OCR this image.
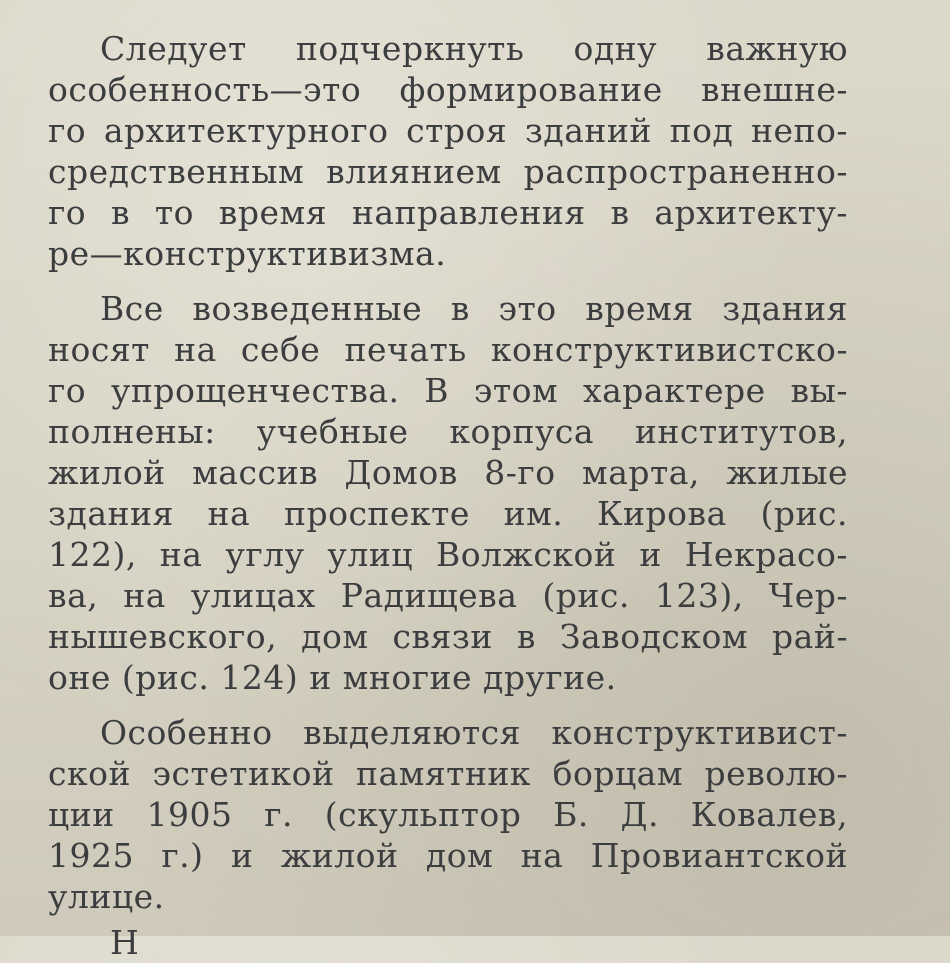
Следует подчеркнуть одну важную
особенность—это формирование внешне-
го архитектурного строя зданий под непо-
средственным влиянием распространенно-
го в то время направления в архитекту-
ре—конструктивизма.
Все возведенные в это время здания
носят на себе печать конструктивистско-
го упрощенчества. В этом характере вы-
полнены: учебные корпуса институтов,
жилой массив Домов 8-го марта, жилые
здания на проспекте им. Кирова (рис.
122), на углу улиц Волжской и Некрасо-
ва, на улицах Радищева (рис. 123), Чер-
нышевского, дом связи в Заводском рай-
оне (рис. 124) и многие другие.
Особенно выделяются конструктивист-
ской эстетикой памятник борцам револю-
ции 1905 г. (скульптор Б. Д. Ковалев,
1925 г.) и жилой дом на Провиантской
улице.
Н
